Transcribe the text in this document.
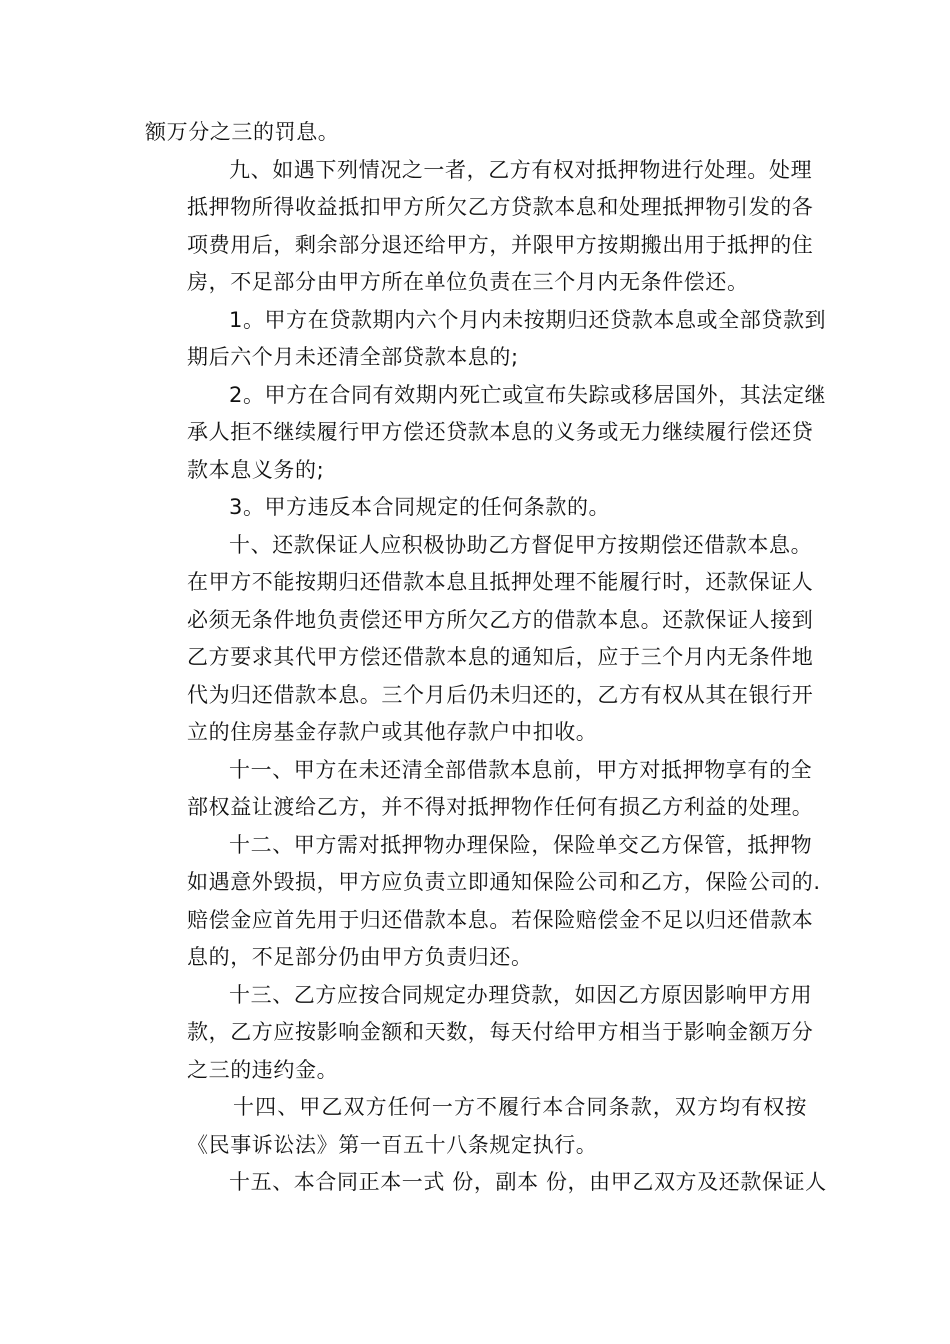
额万分之三的罚息。

九、如遇下列情况之一者，乙方有权对抵押物进行处理。处理
抵押物所得收益抵扣甲方所欠乙方贷款本息和处理抵押物引发的各
项费用后，剩余部分退还给甲方，并限甲方按期搬出用于抵押的住
房，不足部分由甲方所在单位负责在三个月内无条件偿还。

1。甲方在贷款期内六个月内未按期归还贷款本息或全部贷款到
期后六个月未还清全部贷款本息的;

2。甲方在合同有效期内死亡或宣布失踪或移居国外，其法定继
承人拒不继续履行甲方偿还贷款本息的义务或无力继续履行偿还贷
款本息义务的;

3。甲方违反本合同规定的任何条款的。

十、还款保证人应积极协助乙方督促甲方按期偿还借款本息。
在甲方不能按期归还借款本息且抵押处理不能履行时，还款保证人
必须无条件地负责偿还甲方所欠乙方的借款本息。还款保证人接到
乙方要求其代甲方偿还借款本息的通知后，应于三个月内无条件地
代为归还借款本息。三个月后仍未归还的，乙方有权从其在银行开
立的住房基金存款户或其他存款户中扣收。

十一、甲方在未还清全部借款本息前，甲方对抵押物享有的全
部权益让渡给乙方，并不得对抵押物作任何有损乙方利益的处理。

十二、甲方需对抵押物办理保险，保险单交乙方保管，抵押物
如遇意外毁损，甲方应负责立即通知保险公司和乙方，保险公司的.
赔偿金应首先用于归还借款本息。若保险赔偿金不足以归还借款本
息的，不足部分仍由甲方负责归还。

十三、乙方应按合同规定办理贷款，如因乙方原因影响甲方用
款，乙方应按影响金额和天数，每天付给甲方相当于影响金额万分
之三的违约金。

十四、甲乙双方任何一方不履行本合同条款，双方均有权按
《民事诉讼法》第一百五十八条规定执行。

十五、本合同正本一式 份，副本 份，由甲乙双方及还款保证人
